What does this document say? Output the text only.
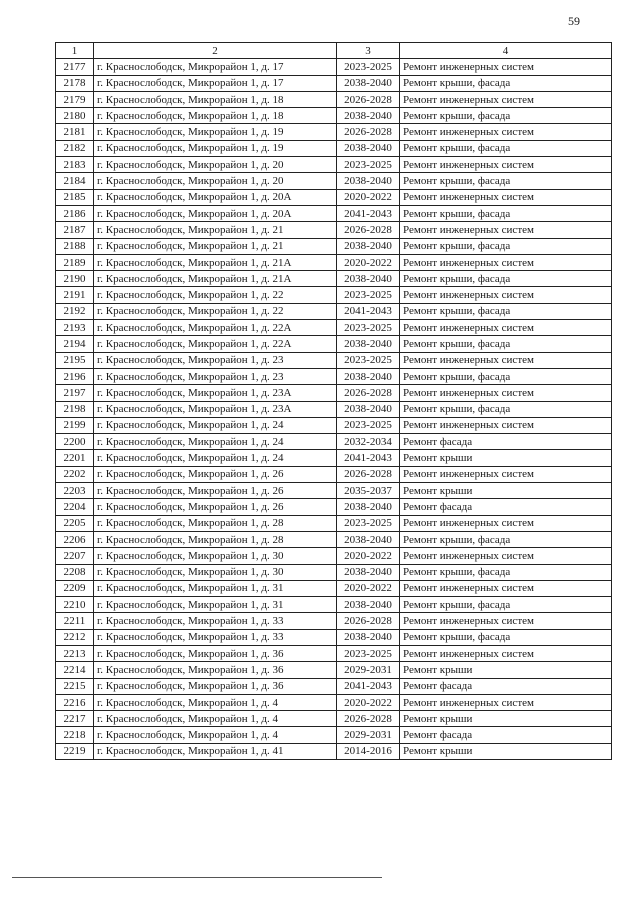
59
1	2	3	4
2177	г. Краснослободск, Микрорайон 1, д. 17	2023-2025	Ремонт инженерных систем
2178	г. Краснослободск, Микрорайон 1, д. 17	2038-2040	Ремонт крыши, фасада
2179	г. Краснослободск, Микрорайон 1, д. 18	2026-2028	Ремонт инженерных систем
2180	г. Краснослободск, Микрорайон 1, д. 18	2038-2040	Ремонт крыши, фасада
2181	г. Краснослободск, Микрорайон 1, д. 19	2026-2028	Ремонт инженерных систем
2182	г. Краснослободск, Микрорайон 1, д. 19	2038-2040	Ремонт крыши, фасада
2183	г. Краснослободск, Микрорайон 1, д. 20	2023-2025	Ремонт инженерных систем
2184	г. Краснослободск, Микрорайон 1, д. 20	2038-2040	Ремонт крыши, фасада
2185	г. Краснослободск, Микрорайон 1, д. 20А	2020-2022	Ремонт инженерных систем
2186	г. Краснослободск, Микрорайон 1, д. 20А	2041-2043	Ремонт крыши, фасада
2187	г. Краснослободск, Микрорайон 1, д. 21	2026-2028	Ремонт инженерных систем
2188	г. Краснослободск, Микрорайон 1, д. 21	2038-2040	Ремонт крыши, фасада
2189	г. Краснослободск, Микрорайон 1, д. 21А	2020-2022	Ремонт инженерных систем
2190	г. Краснослободск, Микрорайон 1, д. 21А	2038-2040	Ремонт крыши, фасада
2191	г. Краснослободск, Микрорайон 1, д. 22	2023-2025	Ремонт инженерных систем
2192	г. Краснослободск, Микрорайон 1, д. 22	2041-2043	Ремонт крыши, фасада
2193	г. Краснослободск, Микрорайон 1, д. 22А	2023-2025	Ремонт инженерных систем
2194	г. Краснослободск, Микрорайон 1, д. 22А	2038-2040	Ремонт крыши, фасада
2195	г. Краснослободск, Микрорайон 1, д. 23	2023-2025	Ремонт инженерных систем
2196	г. Краснослободск, Микрорайон 1, д. 23	2038-2040	Ремонт крыши, фасада
2197	г. Краснослободск, Микрорайон 1, д. 23А	2026-2028	Ремонт инженерных систем
2198	г. Краснослободск, Микрорайон 1, д. 23А	2038-2040	Ремонт крыши, фасада
2199	г. Краснослободск, Микрорайон 1, д. 24	2023-2025	Ремонт инженерных систем
2200	г. Краснослободск, Микрорайон 1, д. 24	2032-2034	Ремонт фасада
2201	г. Краснослободск, Микрорайон 1, д. 24	2041-2043	Ремонт крыши
2202	г. Краснослободск, Микрорайон 1, д. 26	2026-2028	Ремонт инженерных систем
2203	г. Краснослободск, Микрорайон 1, д. 26	2035-2037	Ремонт крыши
2204	г. Краснослободск, Микрорайон 1, д. 26	2038-2040	Ремонт фасада
2205	г. Краснослободск, Микрорайон 1, д. 28	2023-2025	Ремонт инженерных систем
2206	г. Краснослободск, Микрорайон 1, д. 28	2038-2040	Ремонт крыши, фасада
2207	г. Краснослободск, Микрорайон 1, д. 30	2020-2022	Ремонт инженерных систем
2208	г. Краснослободск, Микрорайон 1, д. 30	2038-2040	Ремонт крыши, фасада
2209	г. Краснослободск, Микрорайон 1, д. 31	2020-2022	Ремонт инженерных систем
2210	г. Краснослободск, Микрорайон 1, д. 31	2038-2040	Ремонт крыши, фасада
2211	г. Краснослободск, Микрорайон 1, д. 33	2026-2028	Ремонт инженерных систем
2212	г. Краснослободск, Микрорайон 1, д. 33	2038-2040	Ремонт крыши, фасада
2213	г. Краснослободск, Микрорайон 1, д. 36	2023-2025	Ремонт инженерных систем
2214	г. Краснослободск, Микрорайон 1, д. 36	2029-2031	Ремонт крыши
2215	г. Краснослободск, Микрорайон 1, д. 36	2041-2043	Ремонт фасада
2216	г. Краснослободск, Микрорайон 1, д. 4	2020-2022	Ремонт инженерных систем
2217	г. Краснослободск, Микрорайон 1, д. 4	2026-2028	Ремонт крыши
2218	г. Краснослободск, Микрорайон 1, д. 4	2029-2031	Ремонт фасада
2219	г. Краснослободск, Микрорайон 1, д. 41	2014-2016	Ремонт крыши
